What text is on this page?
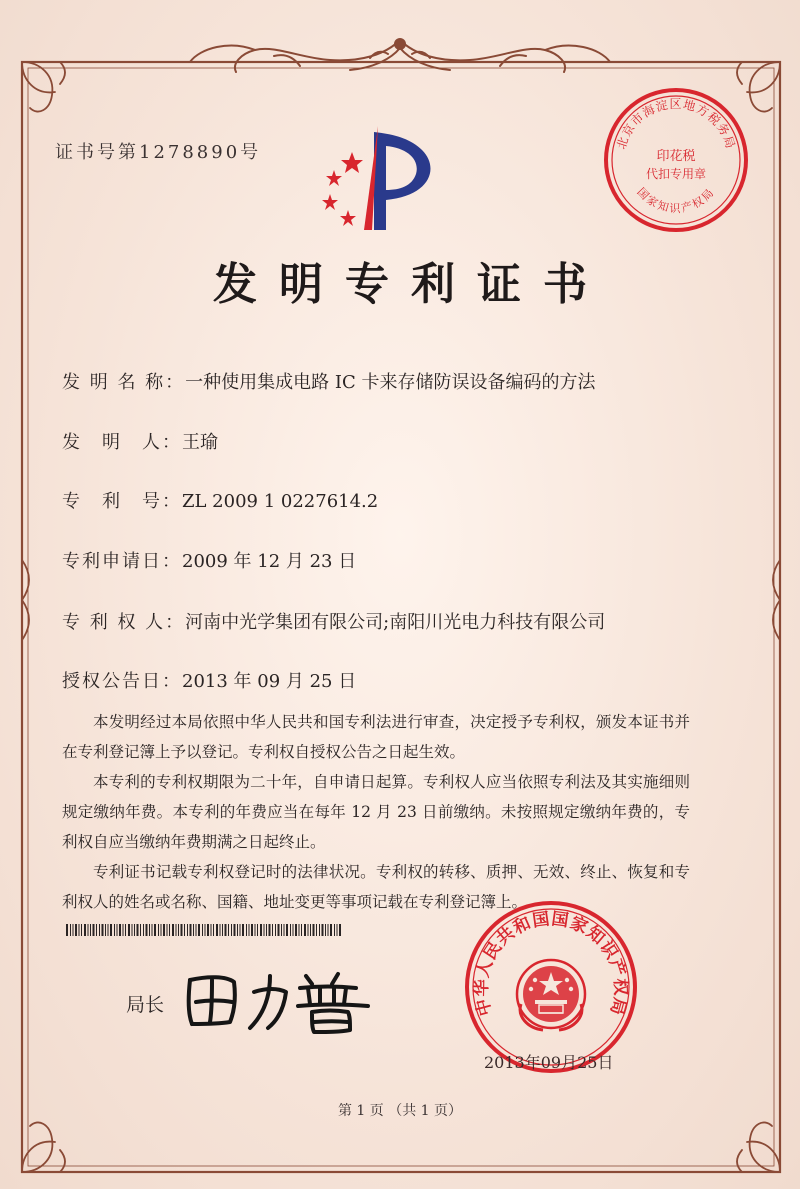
证书号第1278890号	北京市海淀区地方税务局
国家知识产权局
印花税
代扣专用章
发明专利证书
发 明 名 称：一种使用集成电路 IC 卡来存储防误设备编码的方法
发　明　人：王瑜
专　利　号：ZL 2009 1 0227614.2
专利申请日：2009 年 12 月 23 日
专 利 权 人：河南中光学集团有限公司;南阳川光电力科技有限公司
授权公告日：2013 年 09 月 25 日

本发明经过本局依照中华人民共和国专利法进行审查，决定授予专利权，颁发本证书并在专利登记簿上予以登记。专利权自授权公告之日起生效。

本专利的专利权期限为二十年，自申请日起算。专利权人应当依照专利法及其实施细则规定缴纳年费。本专利的年费应当在每年 12 月 23 日前缴纳。未按照规定缴纳年费的，专利权自应当缴纳年费期满之日起终止。

专利证书记载专利权登记时的法律状况。专利权的转移、质押、无效、终止、恢复和专利权人的姓名或名称、国籍、地址变更等事项记载在专利登记簿上。

局长	中华人民共和国国家知识产权局
2013年09月25日
第 1 页 （共 1 页）
